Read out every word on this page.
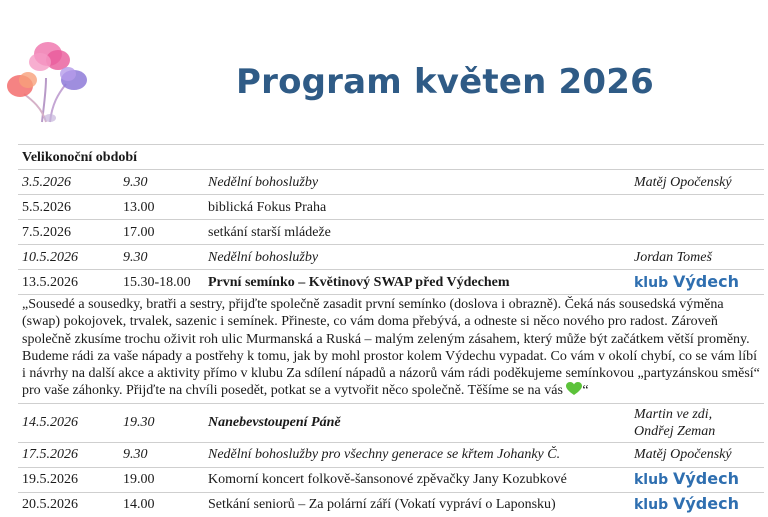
Program květen 2026
Velikonoční období			
3.5.2026	9.30	Nedělní bohoslužby	Matěj Opočenský
5.5.2026	13.00	biblická Fokus Praha	
7.5.2026	17.00	setkání starší mládeže	
10.5.2026	9.30	Nedělní bohoslužby	Jordan Tomeš
13.5.2026	15.30-18.00	První semínko – Květinový SWAP před Výdechem	klub Výdech
„Sousedé a sousedky, bratři a sestry, přijďte společně zasadit první semínko (doslova i obrazně). Čeká nás sousedská výměna (swap) pokojovek, trvalek, sazenic i semínek. Přineste, co vám doma přebývá, a odneste si něco nového pro radost. Zároveň společně zkusíme trochu oživit roh ulic Murmanská a Ruská – malým zeleným zásahem, který může být začátkem větší proměny. Budeme rádi za vaše nápady a postřehy k tomu, jak by mohl prostor kolem Výdechu vypadat. Co vám v okolí chybí, co se vám líbí i návrhy na další akce a aktivity přímo v klubu Za sdílení nápadů a názorů vám rádi poděkujeme semínkovou „partyzánskou směsí“ pro vaše záhonky. Přijďte na chvíli posedět, potkat se a vytvořit něco společně. Těšíme se na vás “			
14.5.2026	19.30	Nanebevstoupení Páně	Martin ve zdi,
Ondřej Zeman

17.5.2026	9.30	Nedělní bohoslužby pro všechny generace se křtem Johanky Č.	Matěj Opočenský
19.5.2026	19.00	Komorní koncert folkově-šansonové zpěvačky Jany Kozubkové	klub Výdech
20.5.2026	14.00	Setkání seniorů – Za polární září (Vokatí vypráví o Laponsku)	klub Výdech
